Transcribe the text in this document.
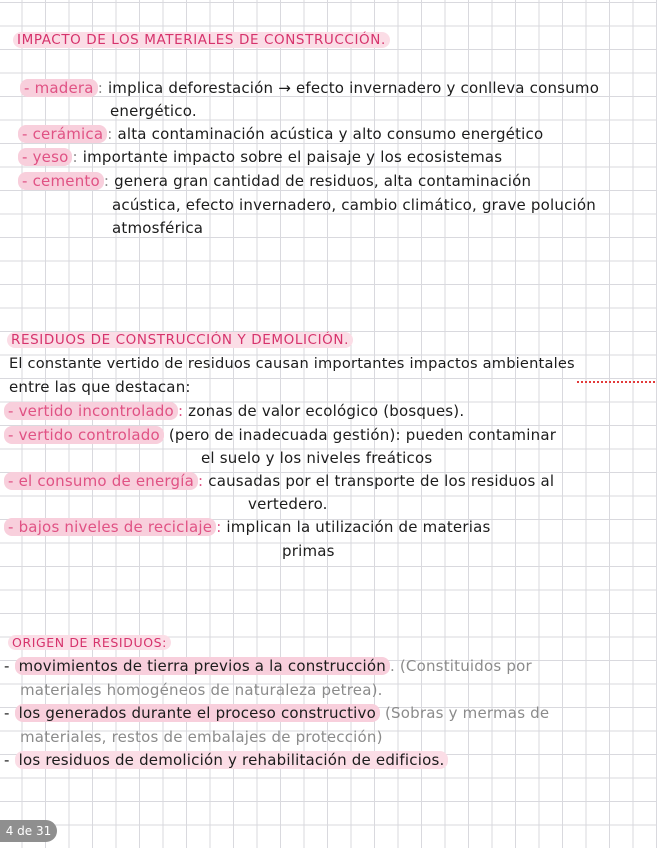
IMPACTO DE LOS MATERIALES DE CONSTRUCCIÓN.
- madera : implica deforestación → efecto invernadero y conlleva consumo
energético.
- cerámica : alta contaminación acústica y alto consumo energético
- yeso : importante impacto sobre el paisaje y los ecosistemas
- cemento : genera gran cantidad de residuos, alta contaminación
acústica, efecto invernadero, cambio climático, grave polución
atmosférica
RESIDUOS DE CONSTRUCCIÓN Y DEMOLICIÓN.
El constante vertido de residuos causan importantes impactos ambientales
entre las que destacan:
- vertido incontrolado : zonas de valor ecológico (bosques).
- vertido controlado (pero de inadecuada gestión): pueden contaminar
el suelo y los niveles freáticos
- el consumo de energía : causadas por el transporte de los residuos al
vertedero.
- bajos niveles de reciclaje : implican la utilización de materias
primas
ORIGEN DE RESIDUOS:
- movimientos de tierra previos a la construcción . (Constituidos por
materiales homogéneos de naturaleza petrea).
- los generados durante el proceso constructivo (Sobras y mermas de
materiales, restos de embalajes de protección)
- los residuos de demolición y rehabilitación de edificios.
4 de 31
